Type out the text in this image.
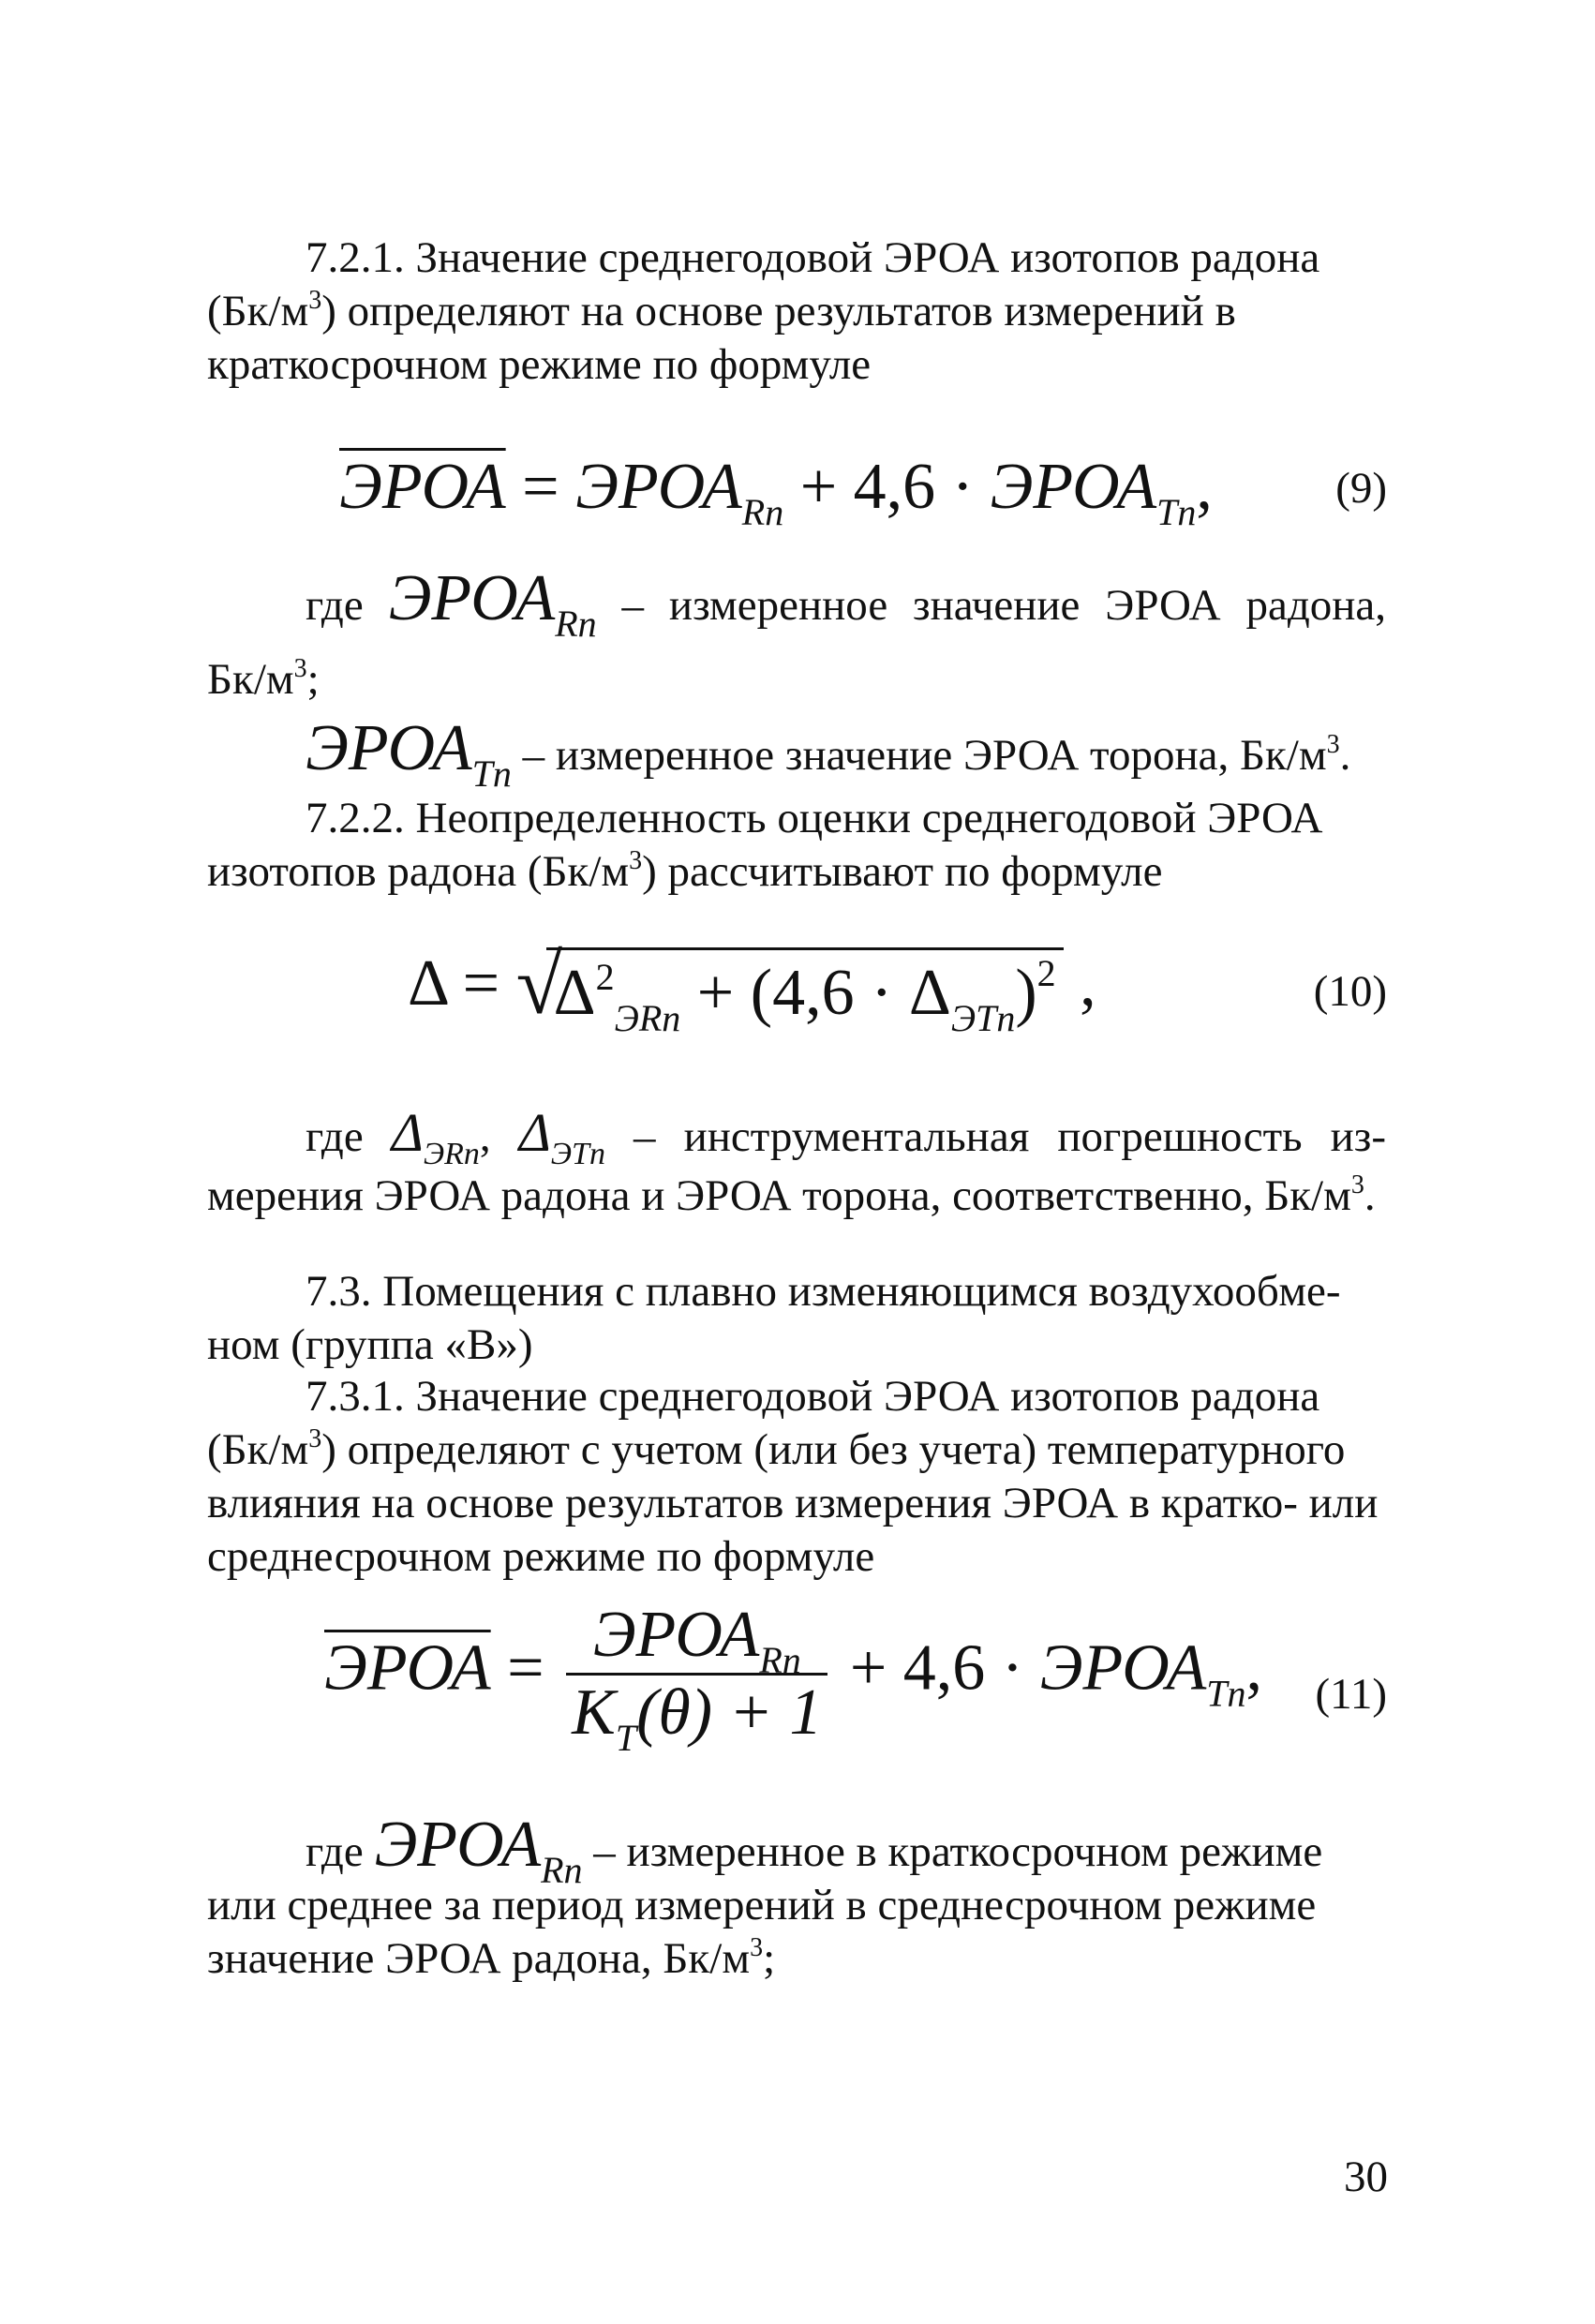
7.2.1. Значение среднегодовой ЭРОА изотопов радона
$(Бк/м^3)$ определяют на основе результатов измерений в
краткосрочном режиме по формуле

ЭРОА = $ЭРОА_{Rn} + 4,6$ · $ЭРОА_{Tn}$,	(9)

где $ЭРОА_{Rn}$ – измеренное значение ЭРОА радона,

$Бк/м^3$;

$ЭРОА_{Tn}$ – измеренное значение ЭРОА торона, $Бк/м^3$.

7.2.2. Неопределенность оценки среднегодовой ЭРОА
изотопов радона $(Бк/м^3)$ рассчитывают по формуле

Δ = √
$\Delta^2_{ЭRn} + (4,6 \cdot \Delta_{ЭTn})^2$ ,	(10)

где $\Delta_{ЭRn}$, $\Delta_{ЭTn}$ – инструментальная погрешность из-

мерения ЭРОА радона и ЭРОА торона, соответственно, $Бк/м^3$.

7.3. Помещения с плавно изменяющимся воздухообме-
ном (группа «В»)

7.3.1. Значение среднегодовой ЭРОА изотопов радона
$(Бк/м^3)$ определяют с учетом (или без учета) температурного
влияния на основе результатов измерения ЭРОА в кратко- или
среднесрочном режиме по формуле

ЭРОА = $\frac{ЭРОА_{Rn}}{K_T(\theta) + 1} + 4,6$ · $ЭРОА_{Tn}$, (11)

где $ЭРОА_{Rn}$ – измеренное в краткосрочном режиме
или среднее за период измерений в среднесрочном режиме
значение ЭРОА радона, $Бк/м^3$;

30
